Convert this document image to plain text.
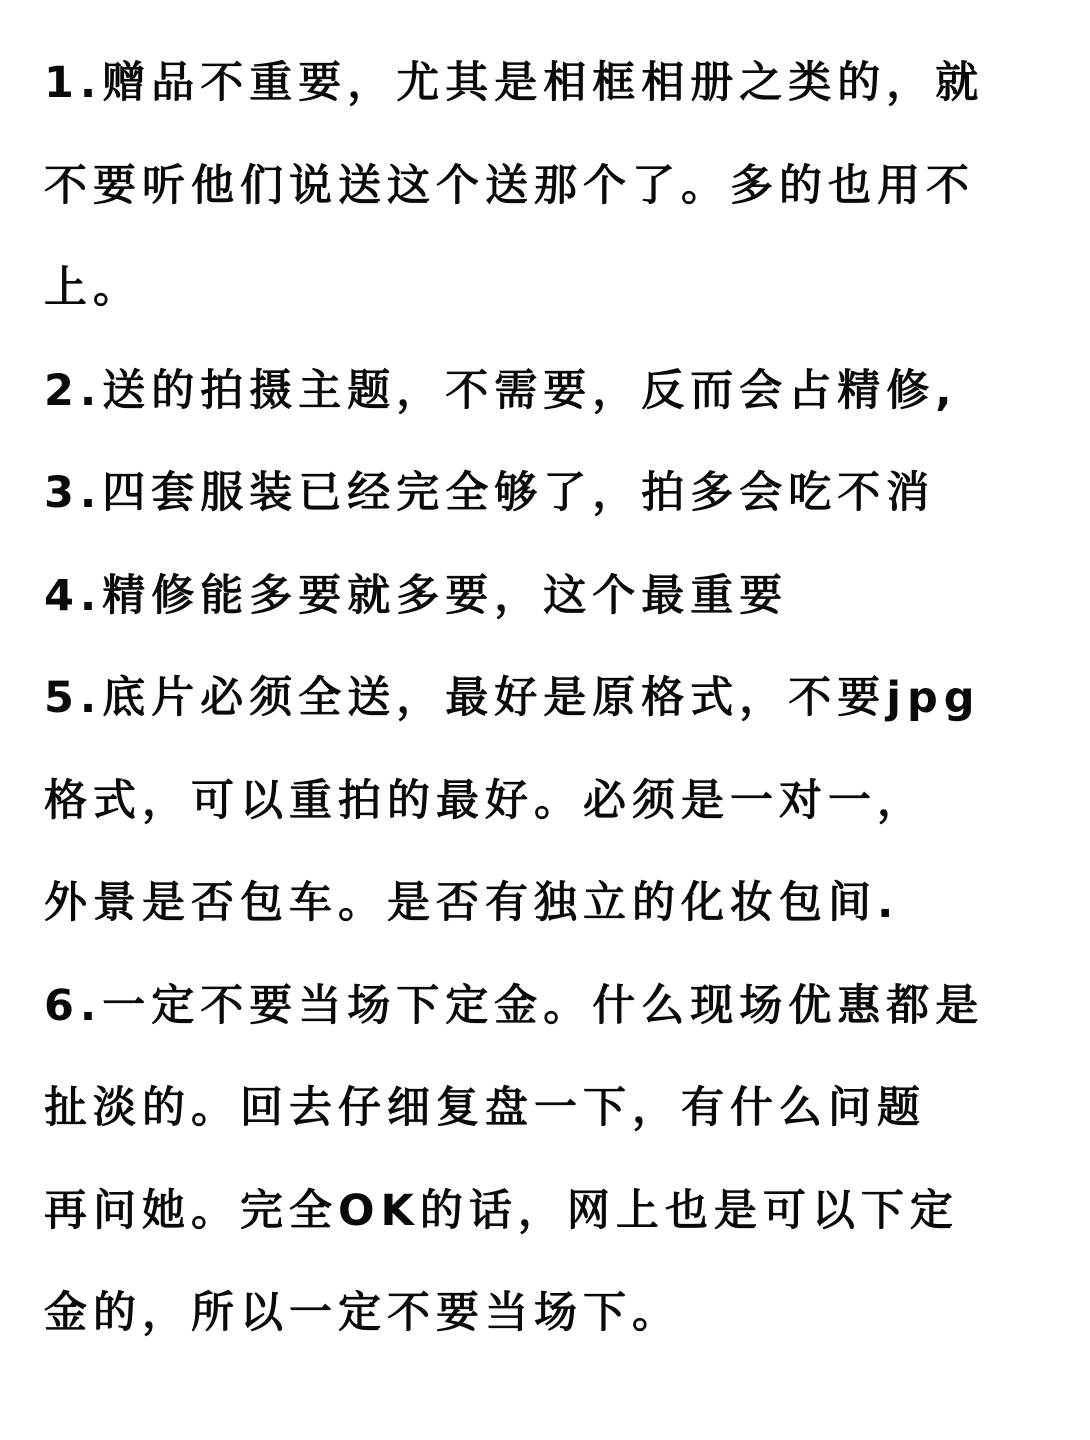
1.赠品不重要，尤其是相框相册之类的，就
不要听他们说送这个送那个了。多的也用不
上。
2.送的拍摄主题，不需要，反而会占精修,
3.四套服装已经完全够了，拍多会吃不消
4.精修能多要就多要，这个最重要
5.底片必须全送，最好是原格式，不要jpg
格式，可以重拍的最好。必须是一对一，
外景是否包车。是否有独立的化妆包间.
6.一定不要当场下定金。什么现场优惠都是
扯淡的。回去仔细复盘一下，有什么问题
再问她。完全OK的话，网上也是可以下定
金的，所以一定不要当场下。
